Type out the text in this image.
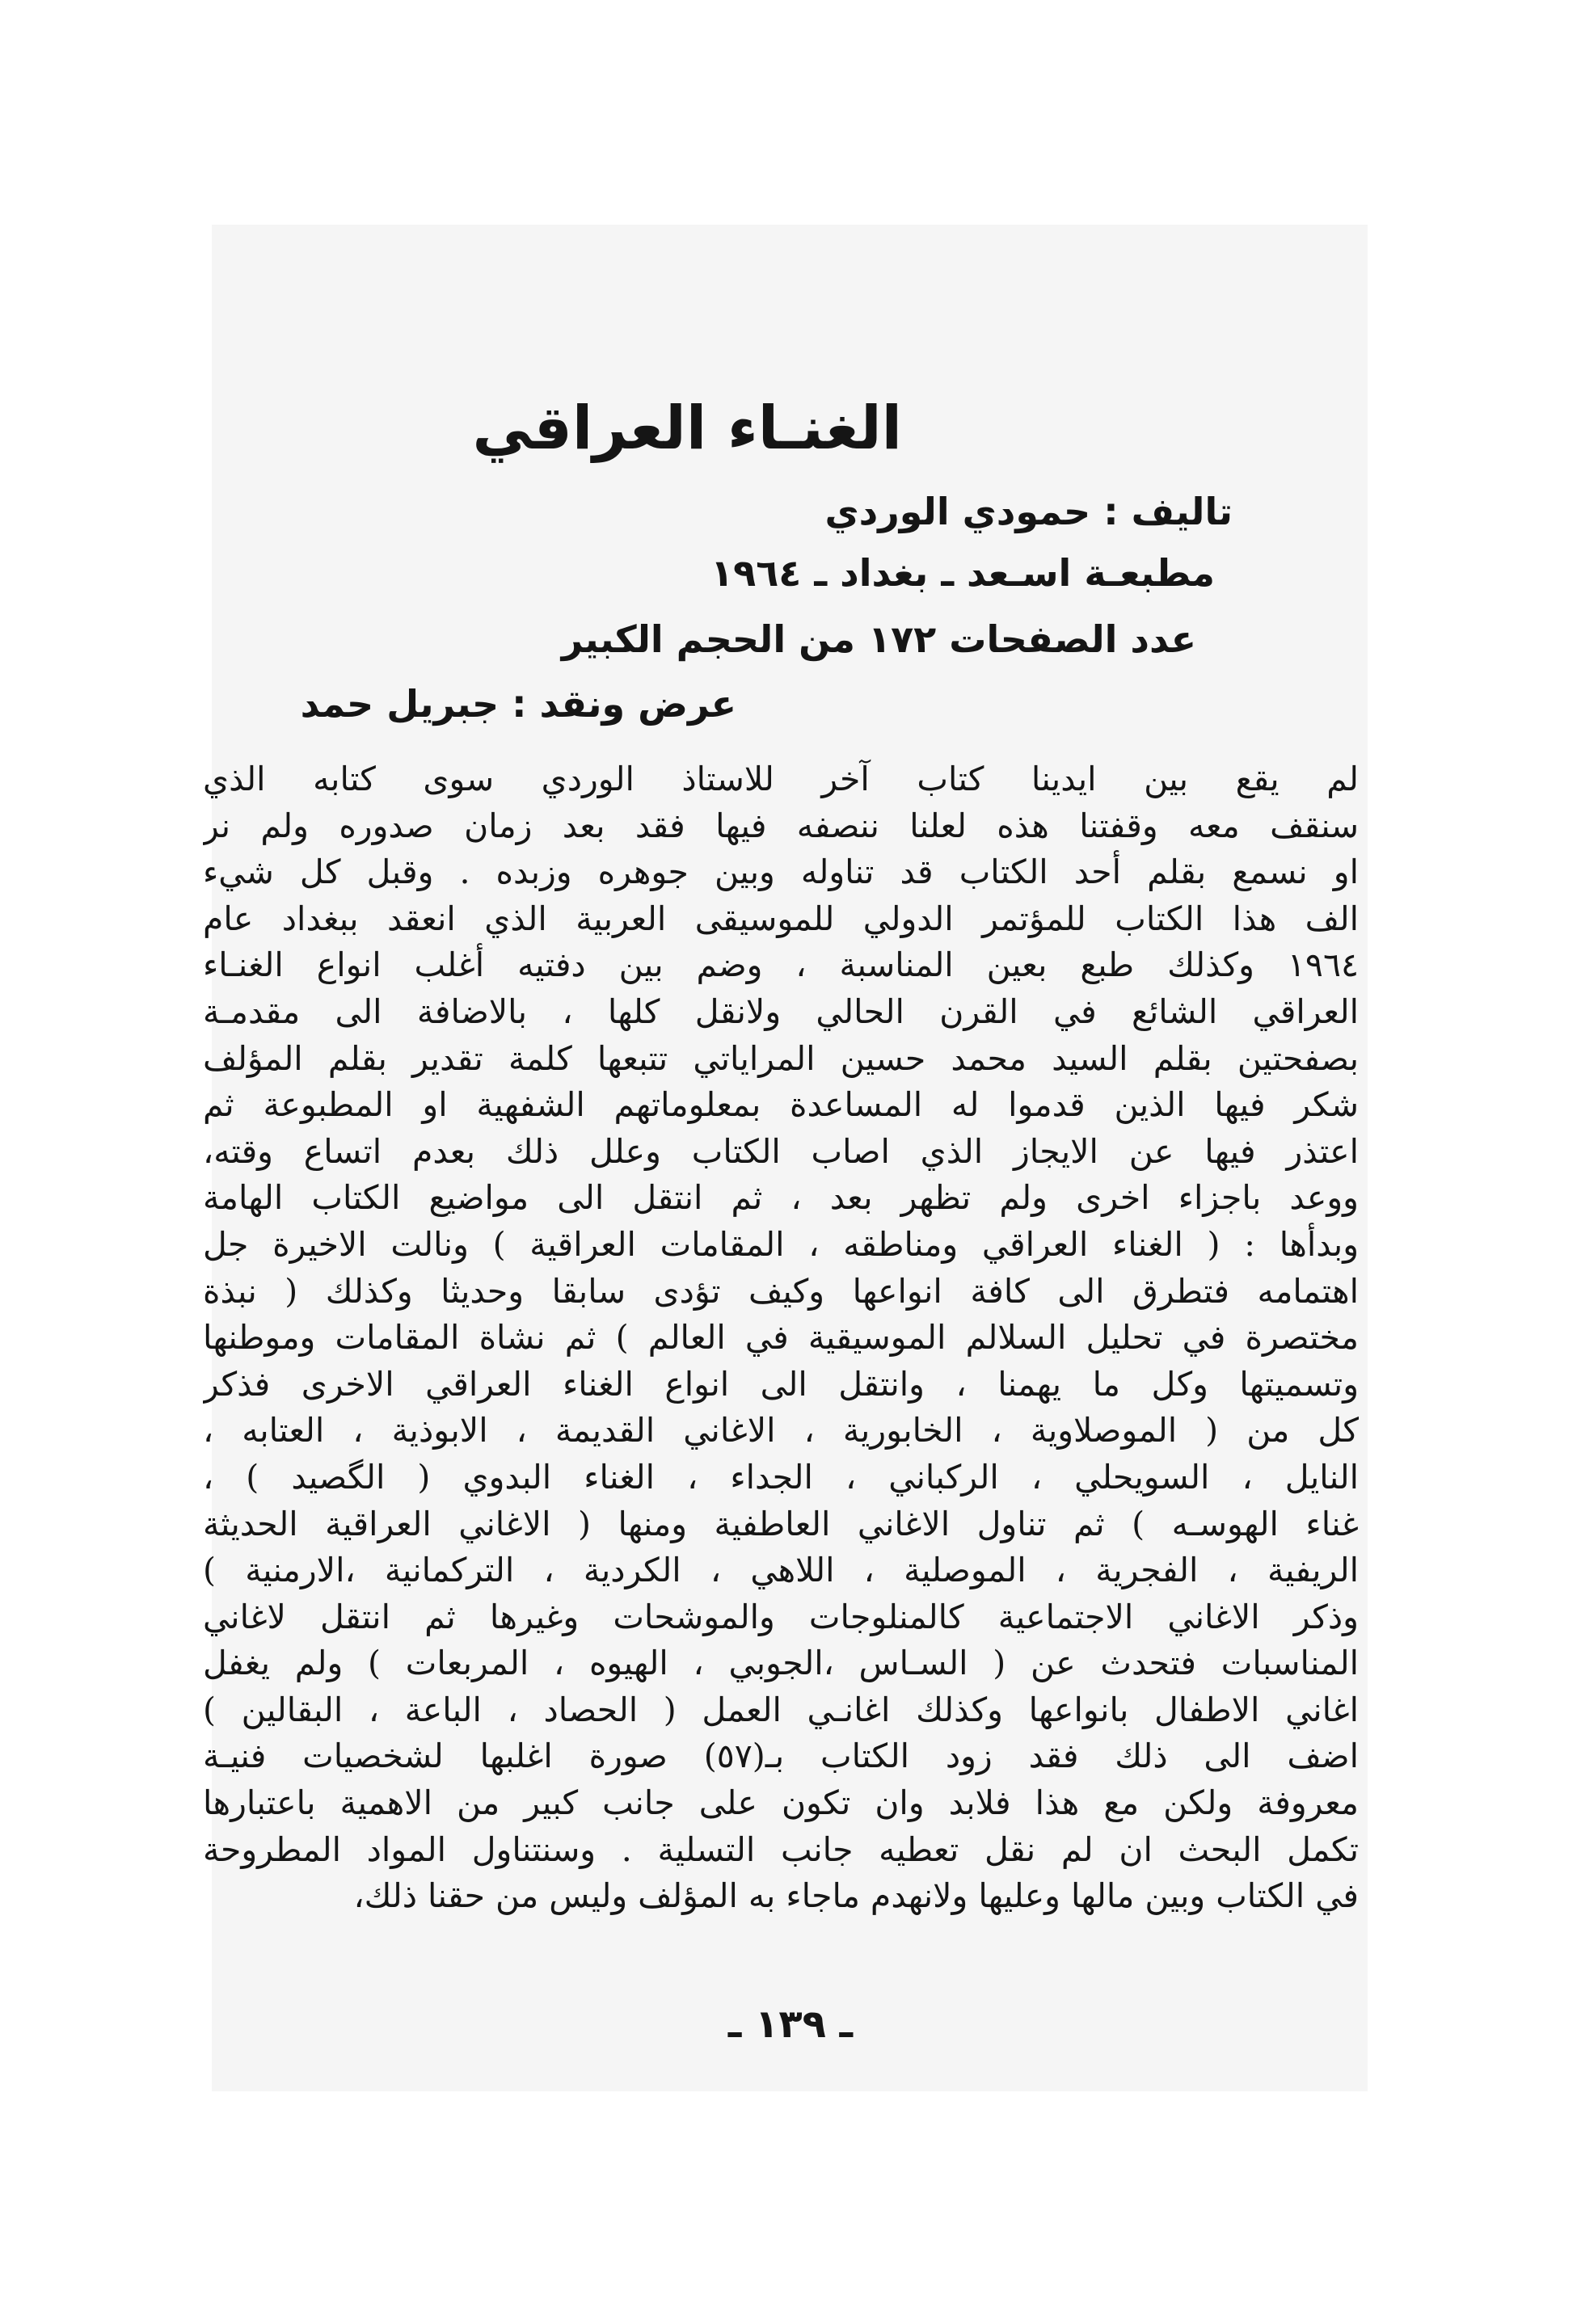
الغنـاء العراقي

تاليف : حمودي الوردي

مطبعـة اسـعد ـ بغداد ـ ١٩٦٤

عدد الصفحات ١٧٢ من الحجم الكبير

عرض ونقد : جبريل حمد

لم يقع بين ايدينا كتاب آخر للاستاذ الوردي سوى كتابه الذي
سنقف معه وقفتنا هذه لعلنا ننصفه فيها فقد بعد زمان صدوره ولم نر
او نسمع بقلم أحد الكتاب قد تناوله وبين جوهره وزبده . وقبل كل شيء
الف هذا الكتاب للمؤتمر الدولي للموسيقى العربية الذي انعقد ببغداد عام
١٩٦٤ وكذلك طبع بعين المناسبة ، وضم بين دفتيه أغلب انواع الغنـاء
العراقي الشائع في القرن الحالي ولانقل كلها ، بالاضافة الى مقدمـة
بصفحتين بقلم السيد محمد حسين المراياتي تتبعها كلمة تقدير بقلم المؤلف
شكر فيها الذين قدموا له المساعدة بمعلوماتهم الشفهية او المطبوعة ثم
اعتذر فيها عن الايجاز الذي اصاب الكتاب وعلل ذلك بعدم اتساع وقته،
ووعد باجزاء اخرى ولم تظهر بعد ، ثم انتقل الى مواضيع الكتاب الهامة
وبدأها : ( الغناء العراقي ومناطقه ، المقامات العراقية ) ونالت الاخيرة جل
اهتمامه فتطرق الى كافة انواعها وكيف تؤدى سابقا وحديثا وكذلك ( نبذة
مختصرة في تحليل السلالم الموسيقية في العالم ) ثم نشاة المقامات وموطنها
وتسميتها وكل ما يهمنا ، وانتقل الى انواع الغناء العراقي الاخرى فذكر
كل من ( الموصلاوية ، الخابورية ، الاغاني القديمة ، الابوذية ، العتابه ،
النايل ، السويحلي ، الركباني ، الجداء ، الغناء البدوي ( الگصيد ) ،
غناء الهوسـه ) ثم تناول الاغاني العاطفية ومنها ( الاغاني العراقية الحديثة
الريفية ، الفجرية ، الموصلية ، اللاهي ، الكردية ، التركمانية ،الارمنية )
وذكر الاغاني الاجتماعية كالمنلوجات والموشحات وغيرها ثم انتقل لاغاني
المناسبات فتحدث عن ( السـاس ،الجوبي ، الهيوه ، المربعات ) ولم يغفل
اغاني الاطفال بانواعها وكذلك اغانـي العمل ( الحصاد ، الباعة ، البقالين )
اضف الى ذلك فقد زود الكتاب بـ(٥٧) صورة اغلبها لشخصيات فنيـة
معروفة ولكن مع هذا فلابد وان تكون على جانب كبير من الاهمية باعتبارها
تكمل البحث ان لم نقل تعطيه جانب التسلية . وسنتناول المواد المطروحة
في الكتاب وبين مالها وعليها ولانهدم ماجاء به المؤلف وليس من حقنا ذلك،

ـ ١٣٩ ـ
